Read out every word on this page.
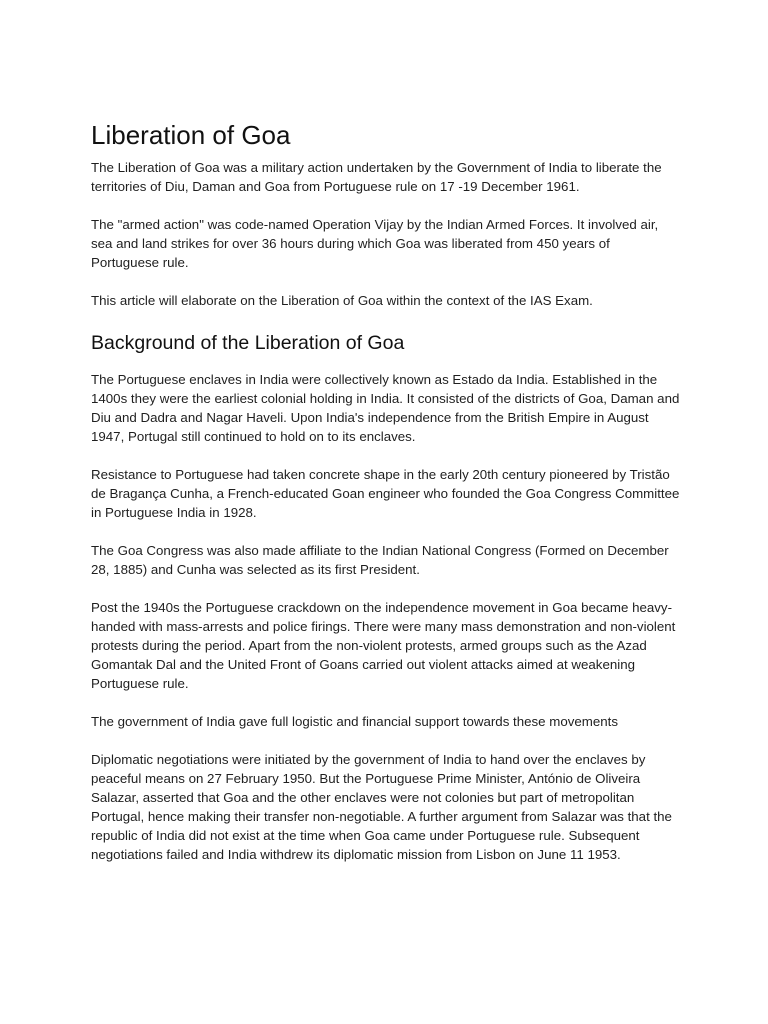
Liberation of Goa

The Liberation of Goa was a military action undertaken by the Government of India to liberate the territories of Diu, Daman and Goa from Portuguese rule on 17 -19 December 1961.

The "armed action" was code-named Operation Vijay by the Indian Armed Forces. It involved air, sea and land strikes for over 36 hours during which Goa was liberated from 450 years of Portuguese rule.

This article will elaborate on the Liberation of Goa within the context of the IAS Exam.

Background of the Liberation of Goa

The Portuguese enclaves in India were collectively known as Estado da India. Established in the 1400s they were the earliest colonial holding in India. It consisted of the districts of Goa, Daman and Diu and Dadra and Nagar Haveli. Upon India's independence from the British Empire in August 1947, Portugal still continued to hold on to its enclaves.

Resistance to Portuguese had taken concrete shape in the early 20th century pioneered by Tristão de Bragança Cunha, a French-educated Goan engineer who founded the Goa Congress Committee in Portuguese India in 1928.

The Goa Congress was also made affiliate to the Indian National Congress (Formed on December 28, 1885) and Cunha was selected as its first President.

Post the 1940s the Portuguese crackdown on the independence movement in Goa became heavy-handed with mass-arrests and police firings. There were many mass demonstration and non-violent protests during the period. Apart from the non-violent protests, armed groups such as the Azad Gomantak Dal and the United Front of Goans carried out violent attacks aimed at weakening Portuguese rule.

The government of India gave full logistic and financial support towards these movements

Diplomatic negotiations were initiated by the government of India to hand over the enclaves by peaceful means on 27 February 1950. But the Portuguese Prime Minister, António de Oliveira Salazar, asserted that Goa and the other enclaves were not colonies but part of metropolitan Portugal, hence making their transfer non-negotiable. A further argument from Salazar was that the republic of India did not exist at the time when Goa came under Portuguese rule. Subsequent negotiations failed and India withdrew its diplomatic mission from Lisbon on June 11 1953.
